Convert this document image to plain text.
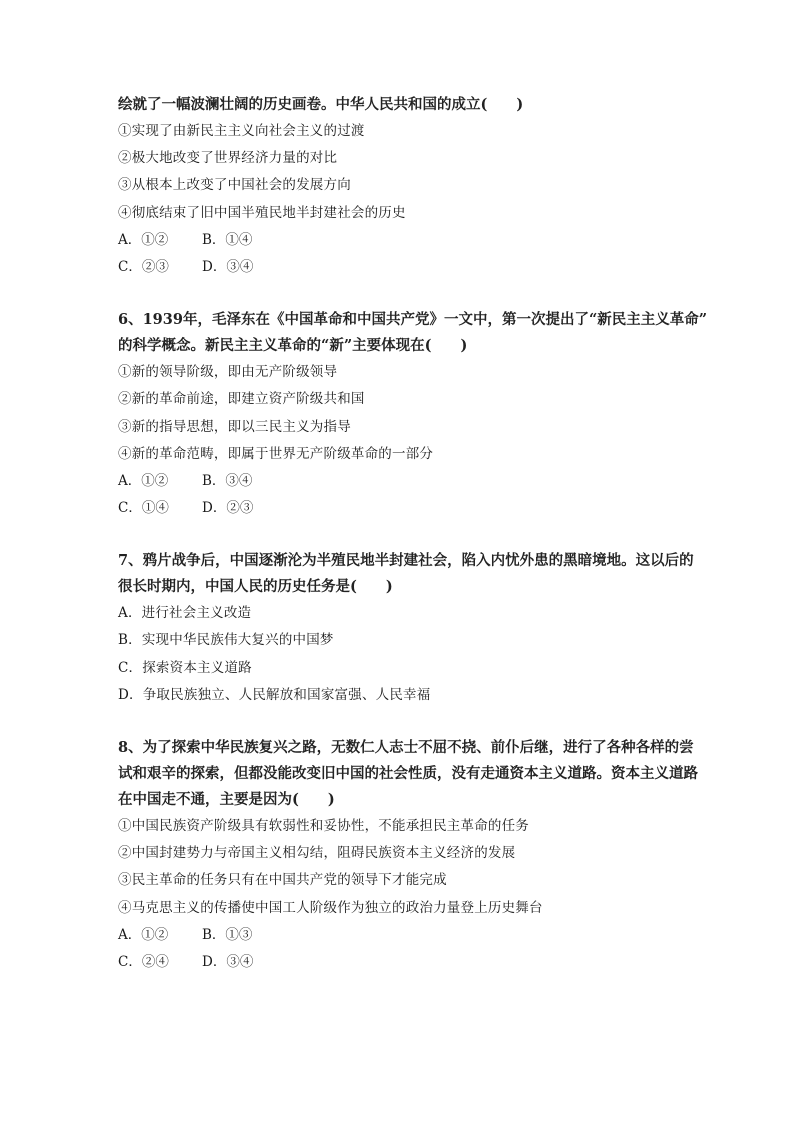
绘就了一幅波澜壮阔的历史画卷。中华人民共和国的成立(　　)
①实现了由新民主主义向社会主义的过渡
②极大地改变了世界经济力量的对比
③从根本上改变了中国社会的发展方向
④彻底结束了旧中国半殖民地半封建社会的历史
A．①②	B．①④
C．②③	D．③④
6、1939年，毛泽东在《中国革命和中国共产党》一文中，第一次提出了“新民主主义革命”
的科学概念。新民主主义革命的“新”主要体现在(　　)
①新的领导阶级，即由无产阶级领导
②新的革命前途，即建立资产阶级共和国
③新的指导思想，即以三民主义为指导
④新的革命范畴，即属于世界无产阶级革命的一部分
A．①②	B．③④
C．①④	D．②③
7、鸦片战争后，中国逐渐沦为半殖民地半封建社会，陷入内忧外患的黑暗境地。这以后的
很长时期内，中国人民的历史任务是(　　)
A．进行社会主义改造
B．实现中华民族伟大复兴的中国梦
C．探索资本主义道路
D．争取民族独立、人民解放和国家富强、人民幸福
8、为了探索中华民族复兴之路，无数仁人志士不屈不挠、前仆后继，进行了各种各样的尝
试和艰辛的探索，但都没能改变旧中国的社会性质，没有走通资本主义道路。资本主义道路
在中国走不通，主要是因为(　　)
①中国民族资产阶级具有软弱性和妥协性，不能承担民主革命的任务
②中国封建势力与帝国主义相勾结，阻碍民族资本主义经济的发展
③民主革命的任务只有在中国共产党的领导下才能完成
④马克思主义的传播使中国工人阶级作为独立的政治力量登上历史舞台
A．①②	B．①③
C．②④	D．③④
